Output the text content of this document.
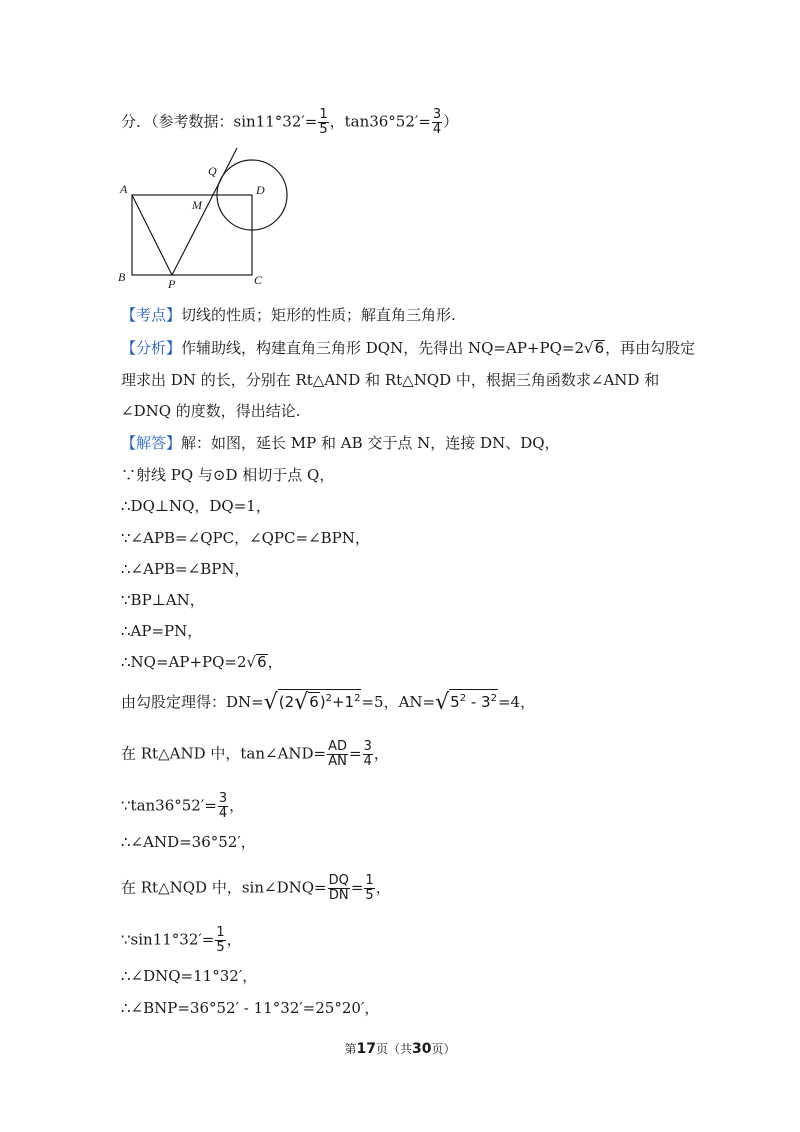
分．（参考数据：$\sin 11^\circ 32'= \frac{1}{5}$ ，$\tan 36^\circ 52'= \frac{3}{4}$ ）
A
B	C
D
P
Q
M
【考点】切线的性质；矩形的性质；解直角三角形.
【分析】作辅助线，构建直角三角形 DQN，先得出 NQ=AP+PQ=2√6，再由勾股定
理求出 DN 的长，分别在 Rt△AND 和 Rt△NQD 中，根据三角函数求∠AND 和
∠DNQ 的度数，得出结论.
【解答】解：如图，延长 MP 和 AB 交于点 N，连接 DN、DQ，
∵射线 PQ 与⊙D 相切于点 Q，
∴DQ⊥NQ，DQ=1，
∵∠APB=∠QPC，∠QPC=∠BPN，
∴∠APB=∠BPN，
∵BP⊥AN，
∴AP=PN，
∴NQ=AP+PQ=2√6，
由勾股定理得：$DN=√(2√6)^2+1^2=5$，$AN=√5^2 - 3^2=4$，
在 Rt△AND 中，tan∠AND= $\frac{AD}{AN} = \frac{3}{4}$ ，
∵tan36°52′= $\frac{3}{4}$ ，
∴∠AND=36°52′，
在 Rt△NQD 中，sin∠DNQ= $\frac{DQ}{DN} = \frac{1}{5}$ ，
∵sin11°32′= $\frac{1}{5}$ ，
∴∠DNQ=11°32′，
∴∠BNP=36°52′ - 11°32′=25°20′，
第17页（共30页）
